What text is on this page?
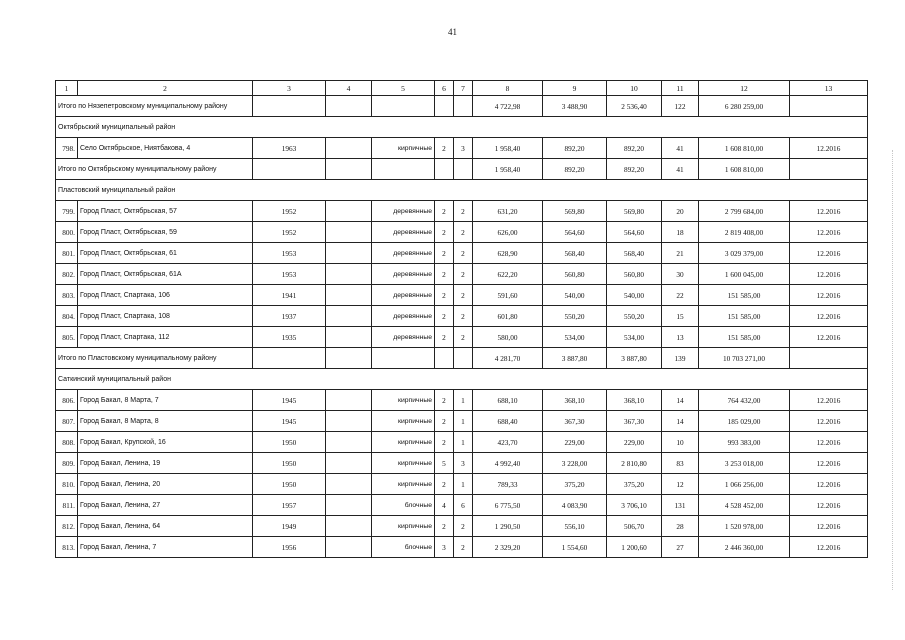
41
1	2	3	4	5	6	7	8	9	10	11	12	13
Итого по Нязепетровскому муниципальному району							4 722,98	3 488,90	2 536,40	122	6 280 259,00	
Октябрьский муниципальный район												
798.	Село Октябрьское, Ниятбакова, 4	1963		кирпичные	2	3	1 958,40	892,20	892,20	41	1 608 810,00	12.2016
Итого по Октябрьскому муниципальному району							1 958,40	892,20	892,20	41	1 608 810,00	
Пластовский муниципальный район												
799.	Город Пласт, Октябрьская, 57	1952		деревянные	2	2	631,20	569,80	569,80	20	2 799 684,00	12.2016
800.	Город Пласт, Октябрьская, 59	1952		деревянные	2	2	626,00	564,60	564,60	18	2 819 408,00	12.2016
801.	Город Пласт, Октябрьская, 61	1953		деревянные	2	2	628,90	568,40	568,40	21	3 029 379,00	12.2016
802.	Город Пласт, Октябрьская, 61А	1953		деревянные	2	2	622,20	560,80	560,80	30	1 600 045,00	12.2016
803.	Город Пласт, Спартака, 106	1941		деревянные	2	2	591,60	540,00	540,00	22	151 585,00	12.2016
804.	Город Пласт, Спартака, 108	1937		деревянные	2	2	601,80	550,20	550,20	15	151 585,00	12.2016
805.	Город Пласт, Спартака, 112	1935		деревянные	2	2	580,00	534,00	534,00	13	151 585,00	12.2016
Итого по Пластовскому муниципальному району							4 281,70	3 887,80	3 887,80	139	10 703 271,00	
Саткинский муниципальный район												
806.	Город Бакал, 8 Марта, 7	1945		кирпичные	2	1	688,10	368,10	368,10	14	764 432,00	12.2016
807.	Город Бакал, 8 Марта, 8	1945		кирпичные	2	1	688,40	367,30	367,30	14	185 029,00	12.2016
808.	Город Бакал, Крупской, 16	1950		кирпичные	2	1	423,70	229,00	229,00	10	993 383,00	12.2016
809.	Город Бакал, Ленина, 19	1950		кирпичные	5	3	4 992,40	3 228,00	2 810,80	83	3 253 018,00	12.2016
810.	Город Бакал, Ленина, 20	1950		кирпичные	2	1	789,33	375,20	375,20	12	1 066 256,00	12.2016
811.	Город Бакал, Ленина, 27	1957		блочные	4	6	6 775,50	4 083,90	3 706,10	131	4 528 452,00	12.2016
812.	Город Бакал, Ленина, 64	1949		кирпичные	2	2	1 290,50	556,10	506,70	28	1 520 978,00	12.2016
813.	Город Бакал, Ленина, 7	1956		блочные	3	2	2 329,20	1 554,60	1 200,60	27	2 446 360,00	12.2016
